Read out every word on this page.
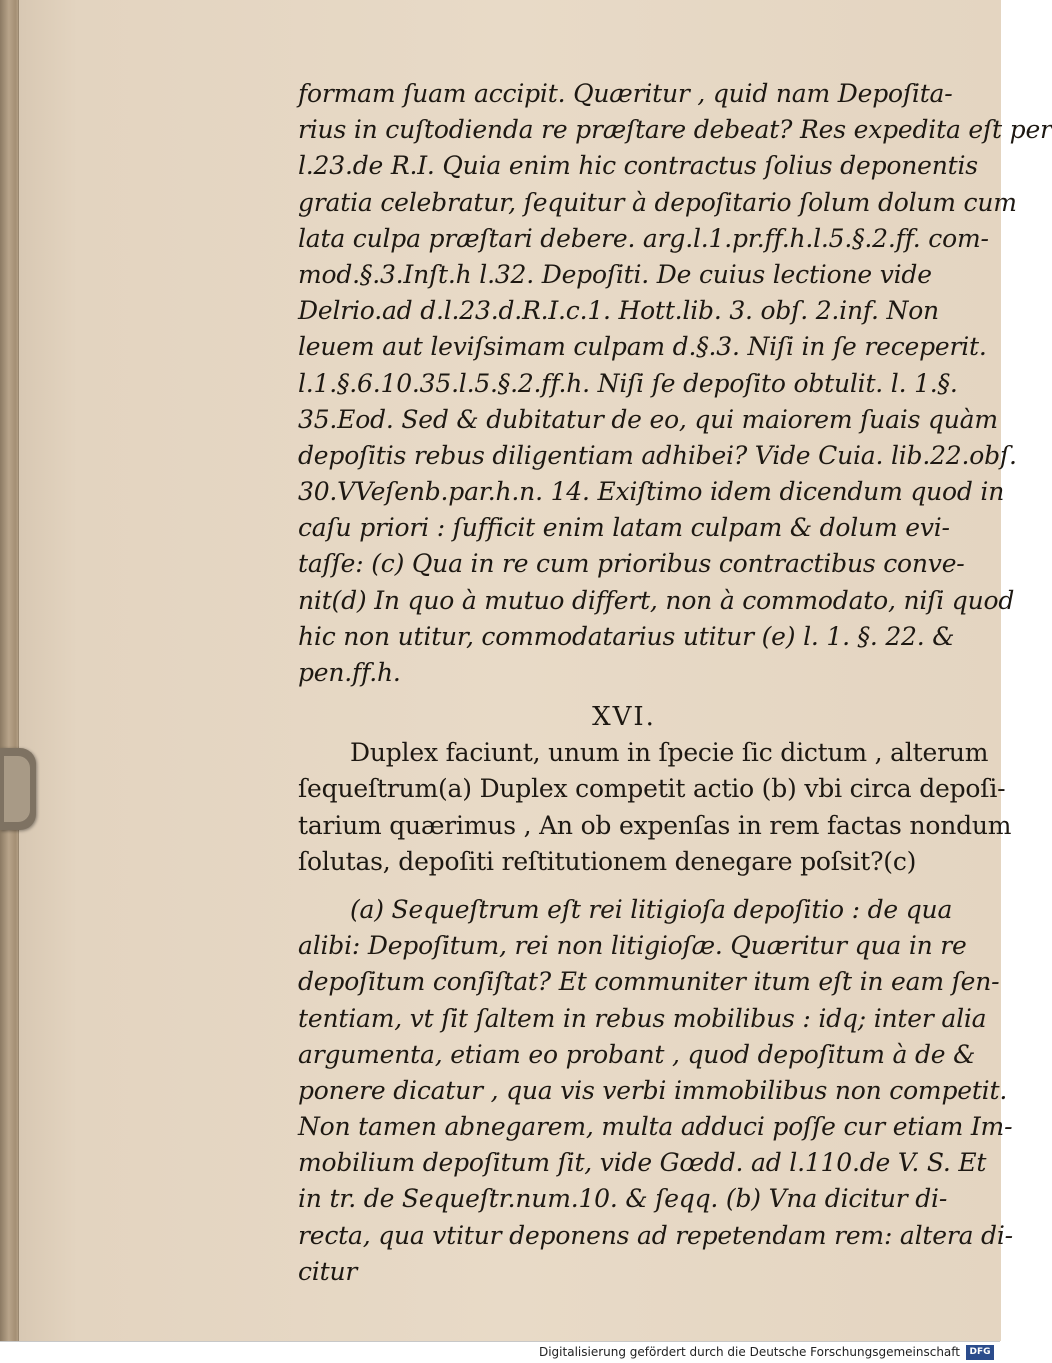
formam ſuam accipit. Quæritur , quid nam Depoſita-
rius in cuſtodienda re præſtare debeat? Res expedita eſt per
l.23.de R.I. Quia enim hic contractus ſolius deponentis
gratia celebratur, ſequitur à depoſitario ſolum dolum cum
lata culpa præſtari debere. arg.l.1.pr.ff.h.l.5.§.2.ff. com-
mod.§.3.Inſt.h l.32. Depoſiti. De cuius lectione vide
Delrio.ad d.l.23.d.R.I.c.1. Hott.lib. 3. obſ. 2.inf. Non
leuem aut leviſsimam culpam d.§.3. Niſi in ſe receperit.
l.1.§.6.10.35.l.5.§.2.ff.h. Niſi ſe depoſito obtulit. l. 1.§.
35.Eod. Sed & dubitatur de eo, qui maiorem ſuais quàm
depoſitis rebus diligentiam adhibei? Vide Cuia. lib.22.obſ.
30.VVeſenb.par.h.n. 14. Exiſtimo idem dicendum quod in
caſu priori : ſufficit enim latam culpam & dolum evi-
taſſe: (c) Qua in re cum prioribus contractibus conve-
nit(d) In quo à mutuo differt, non à commodato, niſi quod
hic non utitur, commodatarius utitur (e) l. 1. §. 22. &
pen.ff.h.
XVI.
Duplex faciunt, unum in ſpecie ſic dictum , alterum
ſequeſtrum(a) Duplex competit actio (b) vbi circa depoſi-
tarium quærimus , An ob expenſas in rem factas nondum
ſolutas, depoſiti reſtitutionem denegare poſsit?(c)
(a) Sequeſtrum eſt rei litigioſa depoſitio : de qua
alibi: Depoſitum, rei non litigioſæ. Quæritur qua in re
depoſitum conſiſtat? Et communiter itum eſt in eam ſen-
tentiam, vt ſit ſaltem in rebus mobilibus : idq; inter alia
argumenta, etiam eo probant , quod depoſitum à de &
ponere dicatur , qua vis verbi immobilibus non competit.
Non tamen abnegarem, multa adduci poſſe cur etiam Im-
mobilium depoſitum ſit, vide Gœdd. ad l.110.de V. S. Et
in tr. de Sequeſtr.num.10. & ſeqq. (b) Vna dicitur di-
recta, qua vtitur deponens ad repetendam rem: altera di-
citur
Digitalisierung gefördert durch die Deutsche Forschungsgemeinschaft	DFG
